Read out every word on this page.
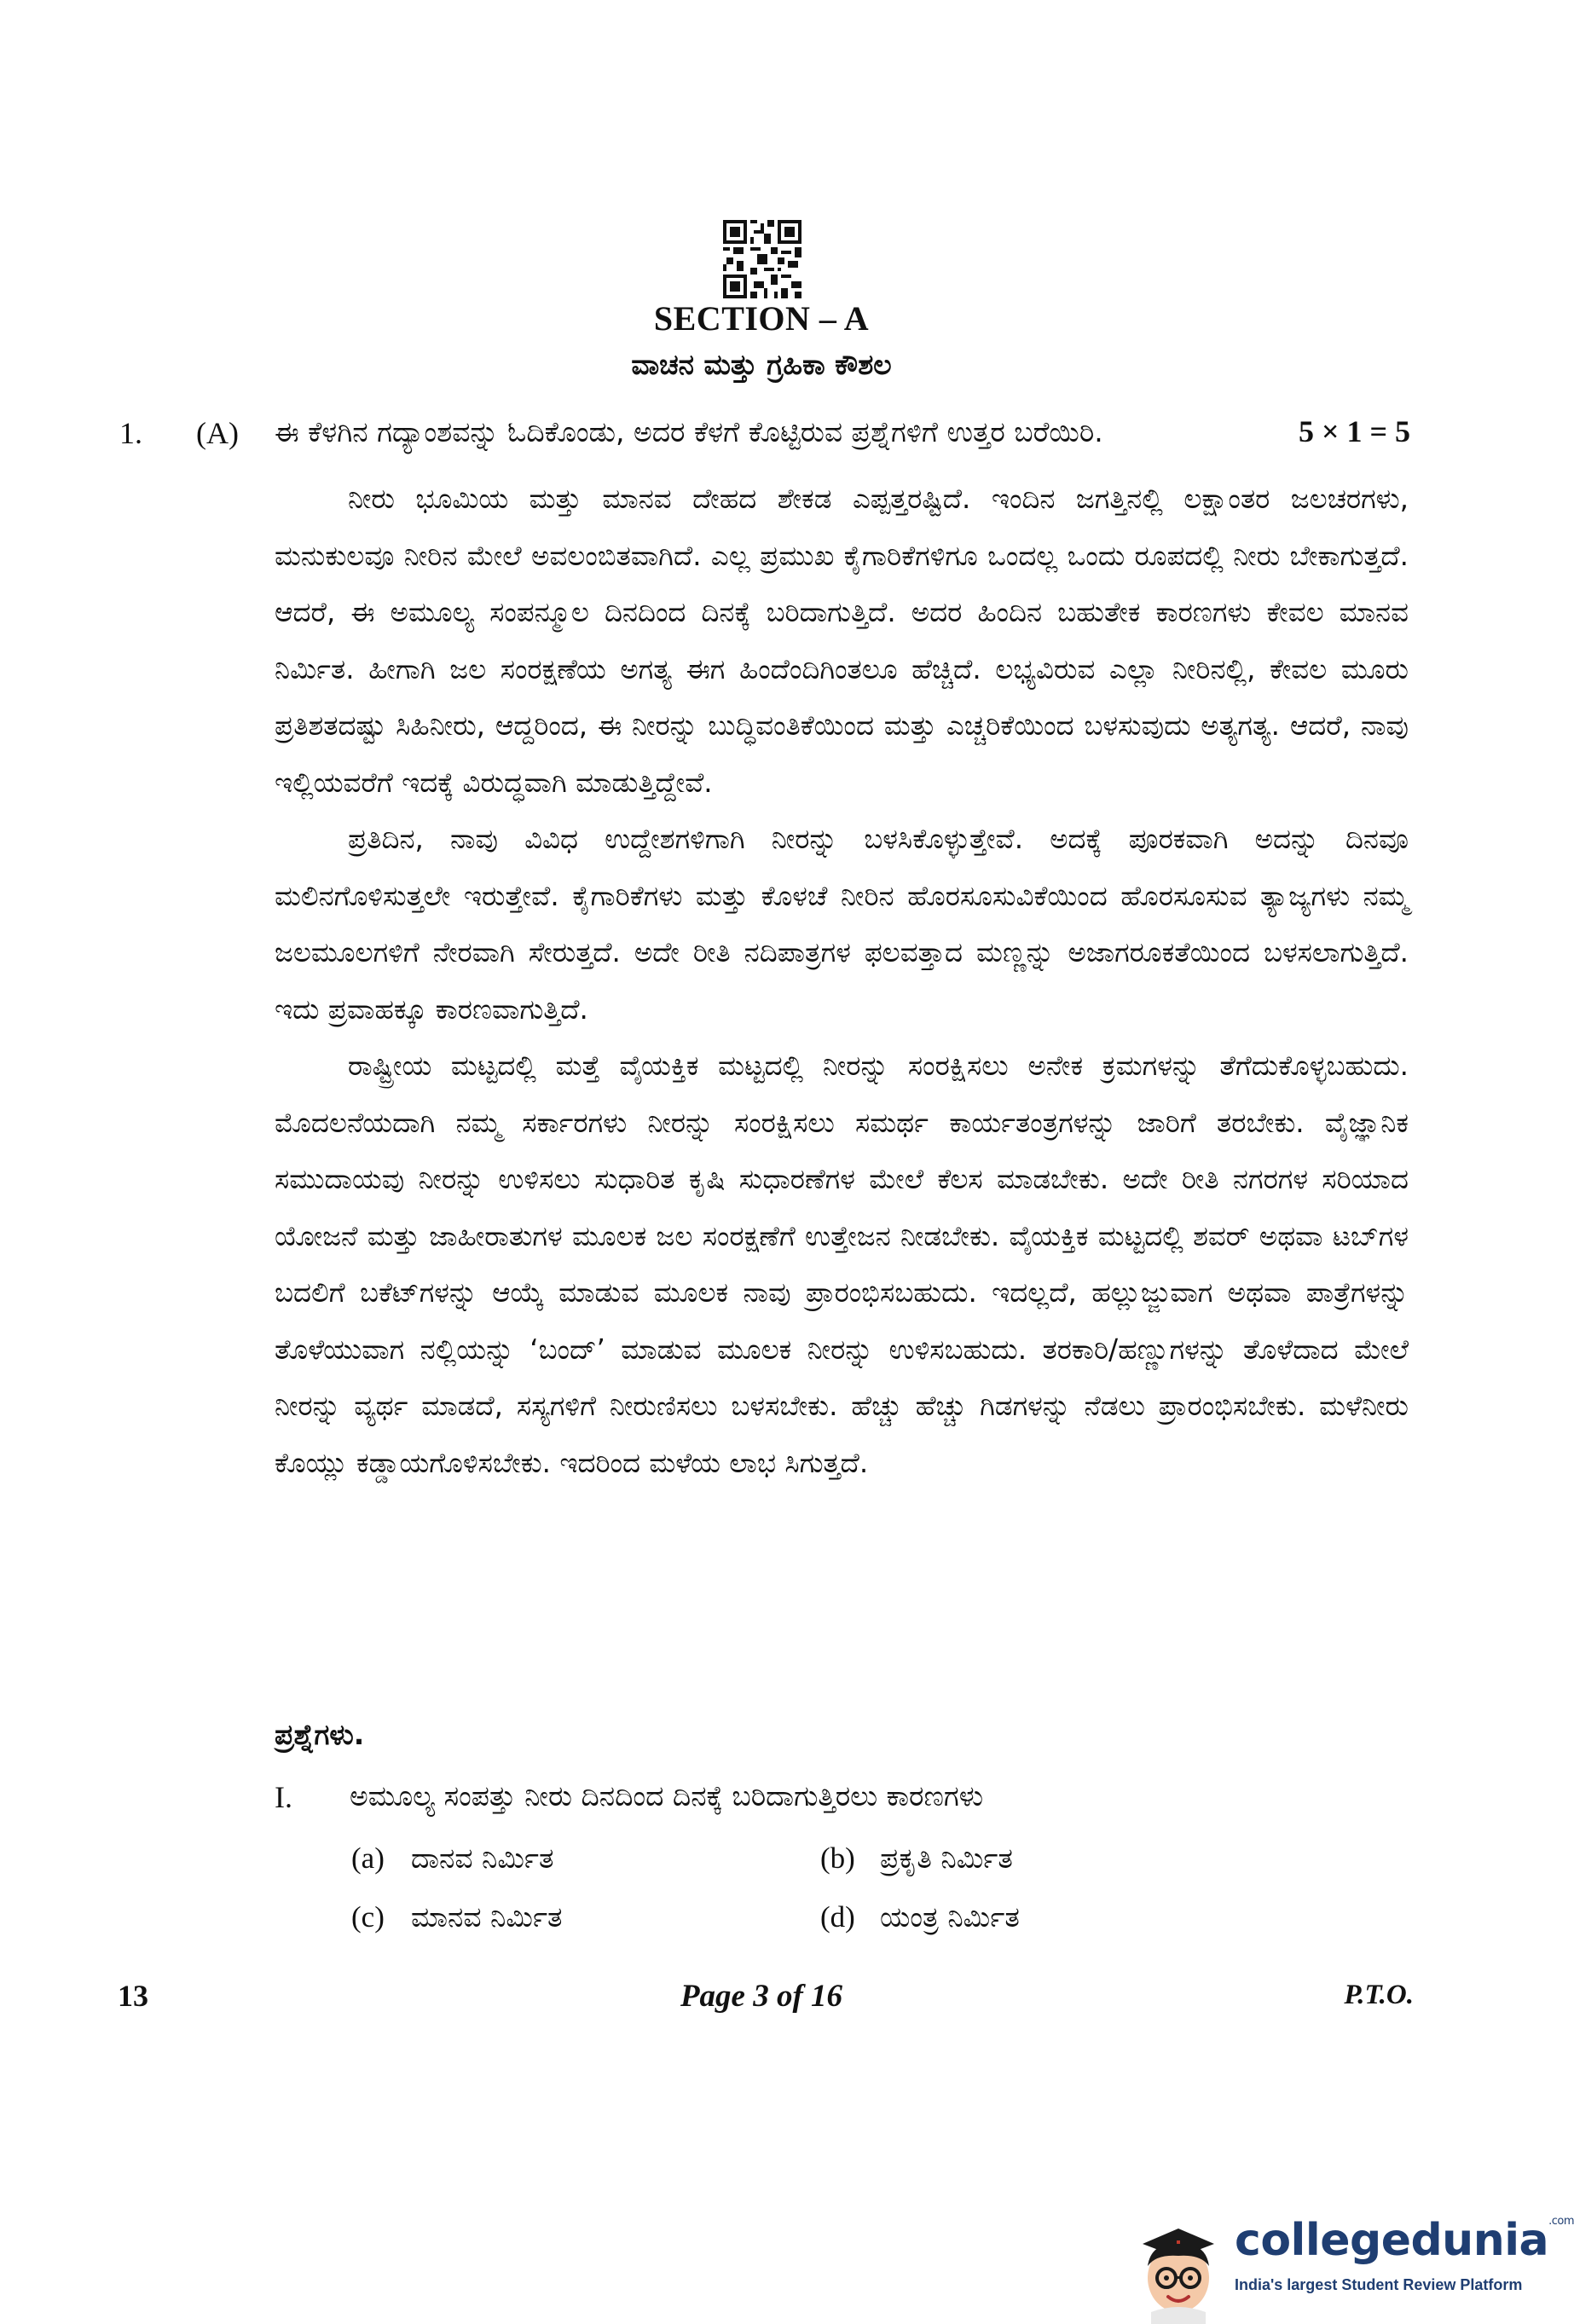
SECTION – A
ವಾಚನ ಮತ್ತು ಗ್ರಹಿಕಾ ಕೌಶಲ
1. (A) ಈ ಕೆಳಗಿನ ಗದ್ಯಾಂಶವನ್ನು ಓದಿಕೊಂಡು, ಅದರ ಕೆಳಗೆ ಕೊಟ್ಟಿರುವ ಪ್ರಶ್ನೆಗಳಿಗೆ ಉತ್ತರ ಬರೆಯಿರಿ.	5 × 1 = 5

ನೀರು ಭೂಮಿಯ ಮತ್ತು ಮಾನವ ದೇಹದ ಶೇಕಡ ಎಪ್ಪತ್ತರಷ್ಟಿದೆ. ಇಂದಿನ ಜಗತ್ತಿನಲ್ಲಿ ಲಕ್ಷಾಂತರ ಜಲಚರಗಳು, ಮನುಕುಲವೂ ನೀರಿನ ಮೇಲೆ ಅವಲಂಬಿತವಾಗಿದೆ. ಎಲ್ಲ ಪ್ರಮುಖ ಕೈಗಾರಿಕೆಗಳಿಗೂ ಒಂದಲ್ಲ ಒಂದು ರೂಪದಲ್ಲಿ ನೀರು ಬೇಕಾಗುತ್ತದೆ. ಆದರೆ, ಈ ಅಮೂಲ್ಯ ಸಂಪನ್ಮೂಲ ದಿನದಿಂದ ದಿನಕ್ಕೆ ಬರಿದಾಗುತ್ತಿದೆ. ಅದರ ಹಿಂದಿನ ಬಹುತೇಕ ಕಾರಣಗಳು ಕೇವಲ ಮಾನವ ನಿರ್ಮಿತ. ಹೀಗಾಗಿ ಜಲ ಸಂರಕ್ಷಣೆಯ ಅಗತ್ಯ ಈಗ ಹಿಂದೆಂದಿಗಿಂತಲೂ ಹೆಚ್ಚಿದೆ. ಲಭ್ಯವಿರುವ ಎಲ್ಲಾ ನೀರಿನಲ್ಲಿ, ಕೇವಲ ಮೂರು ಪ್ರತಿಶತದಷ್ಟು ಸಿಹಿನೀರು, ಆದ್ದರಿಂದ, ಈ ನೀರನ್ನು ಬುದ್ಧಿವಂತಿಕೆಯಿಂದ ಮತ್ತು ಎಚ್ಚರಿಕೆಯಿಂದ ಬಳಸುವುದು ಅತ್ಯಗತ್ಯ. ಆದರೆ, ನಾವು ಇಲ್ಲಿಯವರೆಗೆ ಇದಕ್ಕೆ ವಿರುದ್ಧವಾಗಿ ಮಾಡುತ್ತಿದ್ದೇವೆ.

ಪ್ರತಿದಿನ, ನಾವು ವಿವಿಧ ಉದ್ದೇಶಗಳಿಗಾಗಿ ನೀರನ್ನು ಬಳಸಿಕೊಳ್ಳುತ್ತೇವೆ. ಅದಕ್ಕೆ ಪೂರಕವಾಗಿ ಅದನ್ನು ದಿನವೂ ಮಲಿನಗೊಳಿಸುತ್ತಲೇ ಇರುತ್ತೇವೆ. ಕೈಗಾರಿಕೆಗಳು ಮತ್ತು ಕೊಳಚೆ ನೀರಿನ ಹೊರಸೂಸುವಿಕೆಯಿಂದ ಹೊರಸೂಸುವ ತ್ಯಾಜ್ಯಗಳು ನಮ್ಮ ಜಲಮೂಲಗಳಿಗೆ ನೇರವಾಗಿ ಸೇರುತ್ತದೆ. ಅದೇ ರೀತಿ ನದಿಪಾತ್ರಗಳ ಫಲವತ್ತಾದ ಮಣ್ಣನ್ನು ಅಜಾಗರೂಕತೆಯಿಂದ ಬಳಸಲಾಗುತ್ತಿದೆ. ಇದು ಪ್ರವಾಹಕ್ಕೂ ಕಾರಣವಾಗುತ್ತಿದೆ.

ರಾಷ್ಟ್ರೀಯ ಮಟ್ಟದಲ್ಲಿ ಮತ್ತೆ ವೈಯಕ್ತಿಕ ಮಟ್ಟದಲ್ಲಿ ನೀರನ್ನು ಸಂರಕ್ಷಿಸಲು ಅನೇಕ ಕ್ರಮಗಳನ್ನು ತೆಗೆದುಕೊಳ್ಳಬಹುದು. ಮೊದಲನೆಯದಾಗಿ ನಮ್ಮ ಸರ್ಕಾರಗಳು ನೀರನ್ನು ಸಂರಕ್ಷಿಸಲು ಸಮರ್ಥ ಕಾರ್ಯತಂತ್ರಗಳನ್ನು ಜಾರಿಗೆ ತರಬೇಕು. ವೈಜ್ಞಾನಿಕ ಸಮುದಾಯವು ನೀರನ್ನು ಉಳಿಸಲು ಸುಧಾರಿತ ಕೃಷಿ ಸುಧಾರಣೆಗಳ ಮೇಲೆ ಕೆಲಸ ಮಾಡಬೇಕು. ಅದೇ ರೀತಿ ನಗರಗಳ ಸರಿಯಾದ ಯೋಜನೆ ಮತ್ತು ಜಾಹೀರಾತುಗಳ ಮೂಲಕ ಜಲ ಸಂರಕ್ಷಣೆಗೆ ಉತ್ತೇಜನ ನೀಡಬೇಕು. ವೈಯಕ್ತಿಕ ಮಟ್ಟದಲ್ಲಿ ಶವರ್ ಅಥವಾ ಟಬ್‌ಗಳ ಬದಲಿಗೆ ಬಕೆಟ್‌ಗಳನ್ನು ಆಯ್ಕೆ ಮಾಡುವ ಮೂಲಕ ನಾವು ಪ್ರಾರಂಭಿಸಬಹುದು. ಇದಲ್ಲದೆ, ಹಲ್ಲುಜ್ಜುವಾಗ ಅಥವಾ ಪಾತ್ರೆಗಳನ್ನು ತೊಳೆಯುವಾಗ ನಲ್ಲಿಯನ್ನು ‘ಬಂದ್’ ಮಾಡುವ ಮೂಲಕ ನೀರನ್ನು ಉಳಿಸಬಹುದು. ತರಕಾರಿ/ಹಣ್ಣುಗಳನ್ನು ತೊಳೆದಾದ ಮೇಲೆ ನೀರನ್ನು ವ್ಯರ್ಥ ಮಾಡದೆ, ಸಸ್ಯಗಳಿಗೆ ನೀರುಣಿಸಲು ಬಳಸಬೇಕು. ಹೆಚ್ಚು ಹೆಚ್ಚು ಗಿಡಗಳನ್ನು ನೆಡಲು ಪ್ರಾರಂಭಿಸಬೇಕು. ಮಳೆನೀರು ಕೊಯ್ಲು ಕಡ್ಡಾಯಗೊಳಿಸಬೇಕು. ಇದರಿಂದ ಮಳೆಯ ಲಾಭ ಸಿಗುತ್ತದೆ.

ಪ್ರಶ್ನೆಗಳು.
I. ಅಮೂಲ್ಯ ಸಂಪತ್ತು ನೀರು ದಿನದಿಂದ ದಿನಕ್ಕೆ ಬರಿದಾಗುತ್ತಿರಲು ಕಾರಣಗಳು
(a) ದಾನವ ನಿರ್ಮಿತ	(b) ಪ್ರಕೃತಿ ನಿರ್ಮಿತ
(c) ಮಾನವ ನಿರ್ಮಿತ	(d) ಯಂತ್ರ ನಿರ್ಮಿತ
13	Page 3 of 16	P.T.O.
collegedunia$^{.com}$
India's largest Student Review Platform
